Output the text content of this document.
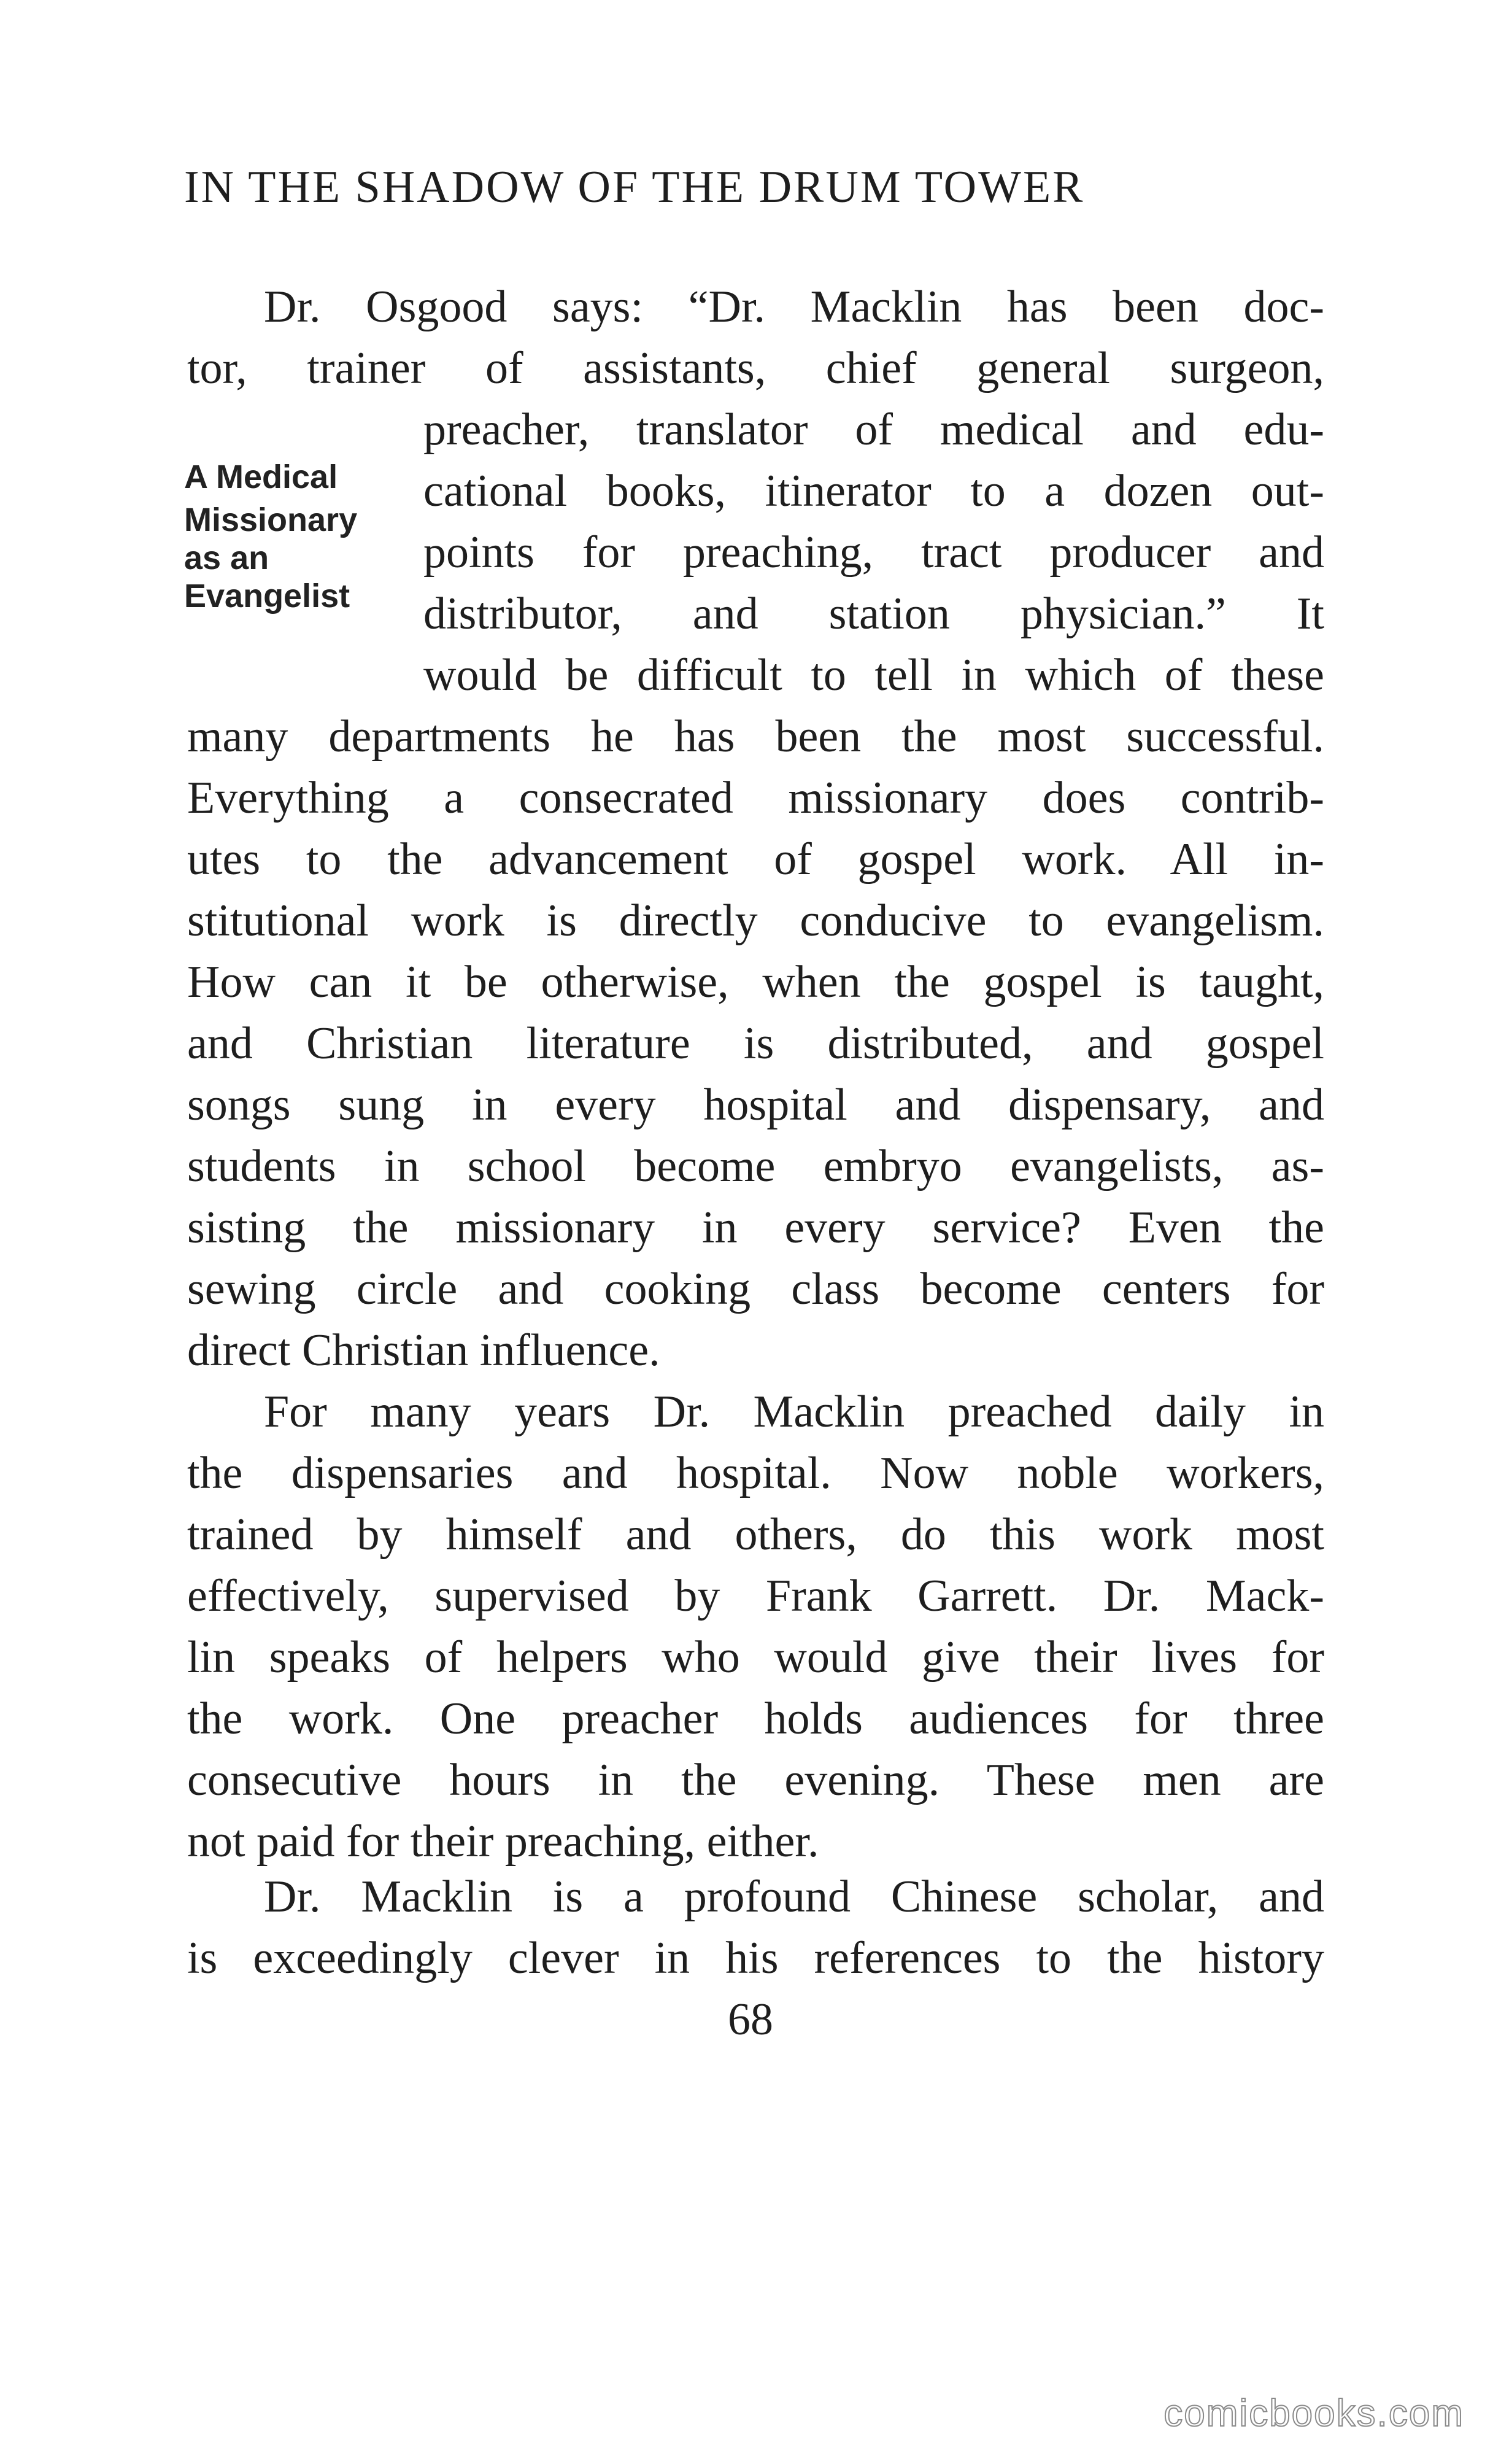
IN THE SHADOW OF THE DRUM TOWER
Dr. Osgood says: “Dr. Macklin has been doc-
tor, trainer of assistants, chief general surgeon,
preacher, translator of medical and edu-
cational books, itinerator to a dozen out-
points for preaching, tract producer and
distributor, and station physician.” It
would be difficult to tell in which of these
many departments he has been the most successful.
Everything a consecrated missionary does contrib-
utes to the advancement of gospel work. All in-
stitutional work is directly conducive to evangelism.
How can it be otherwise, when the gospel is taught,
and Christian literature is distributed, and gospel
songs sung in every hospital and dispensary, and
students in school become embryo evangelists, as-
sisting the missionary in every service? Even the
sewing circle and cooking class become centers for
direct Christian influence.
For many years Dr. Macklin preached daily in
the dispensaries and hospital. Now noble workers,
trained by himself and others, do this work most
effectively, supervised by Frank Garrett. Dr. Mack-
lin speaks of helpers who would give their lives for
the work. One preacher holds audiences for three
consecutive hours in the evening. These men are
not paid for their preaching, either.
Dr. Macklin is a profound Chinese scholar, and
is exceedingly clever in his references to the history
A Medical
Missionary
as an
Evangelist
68
comicbooks.com
